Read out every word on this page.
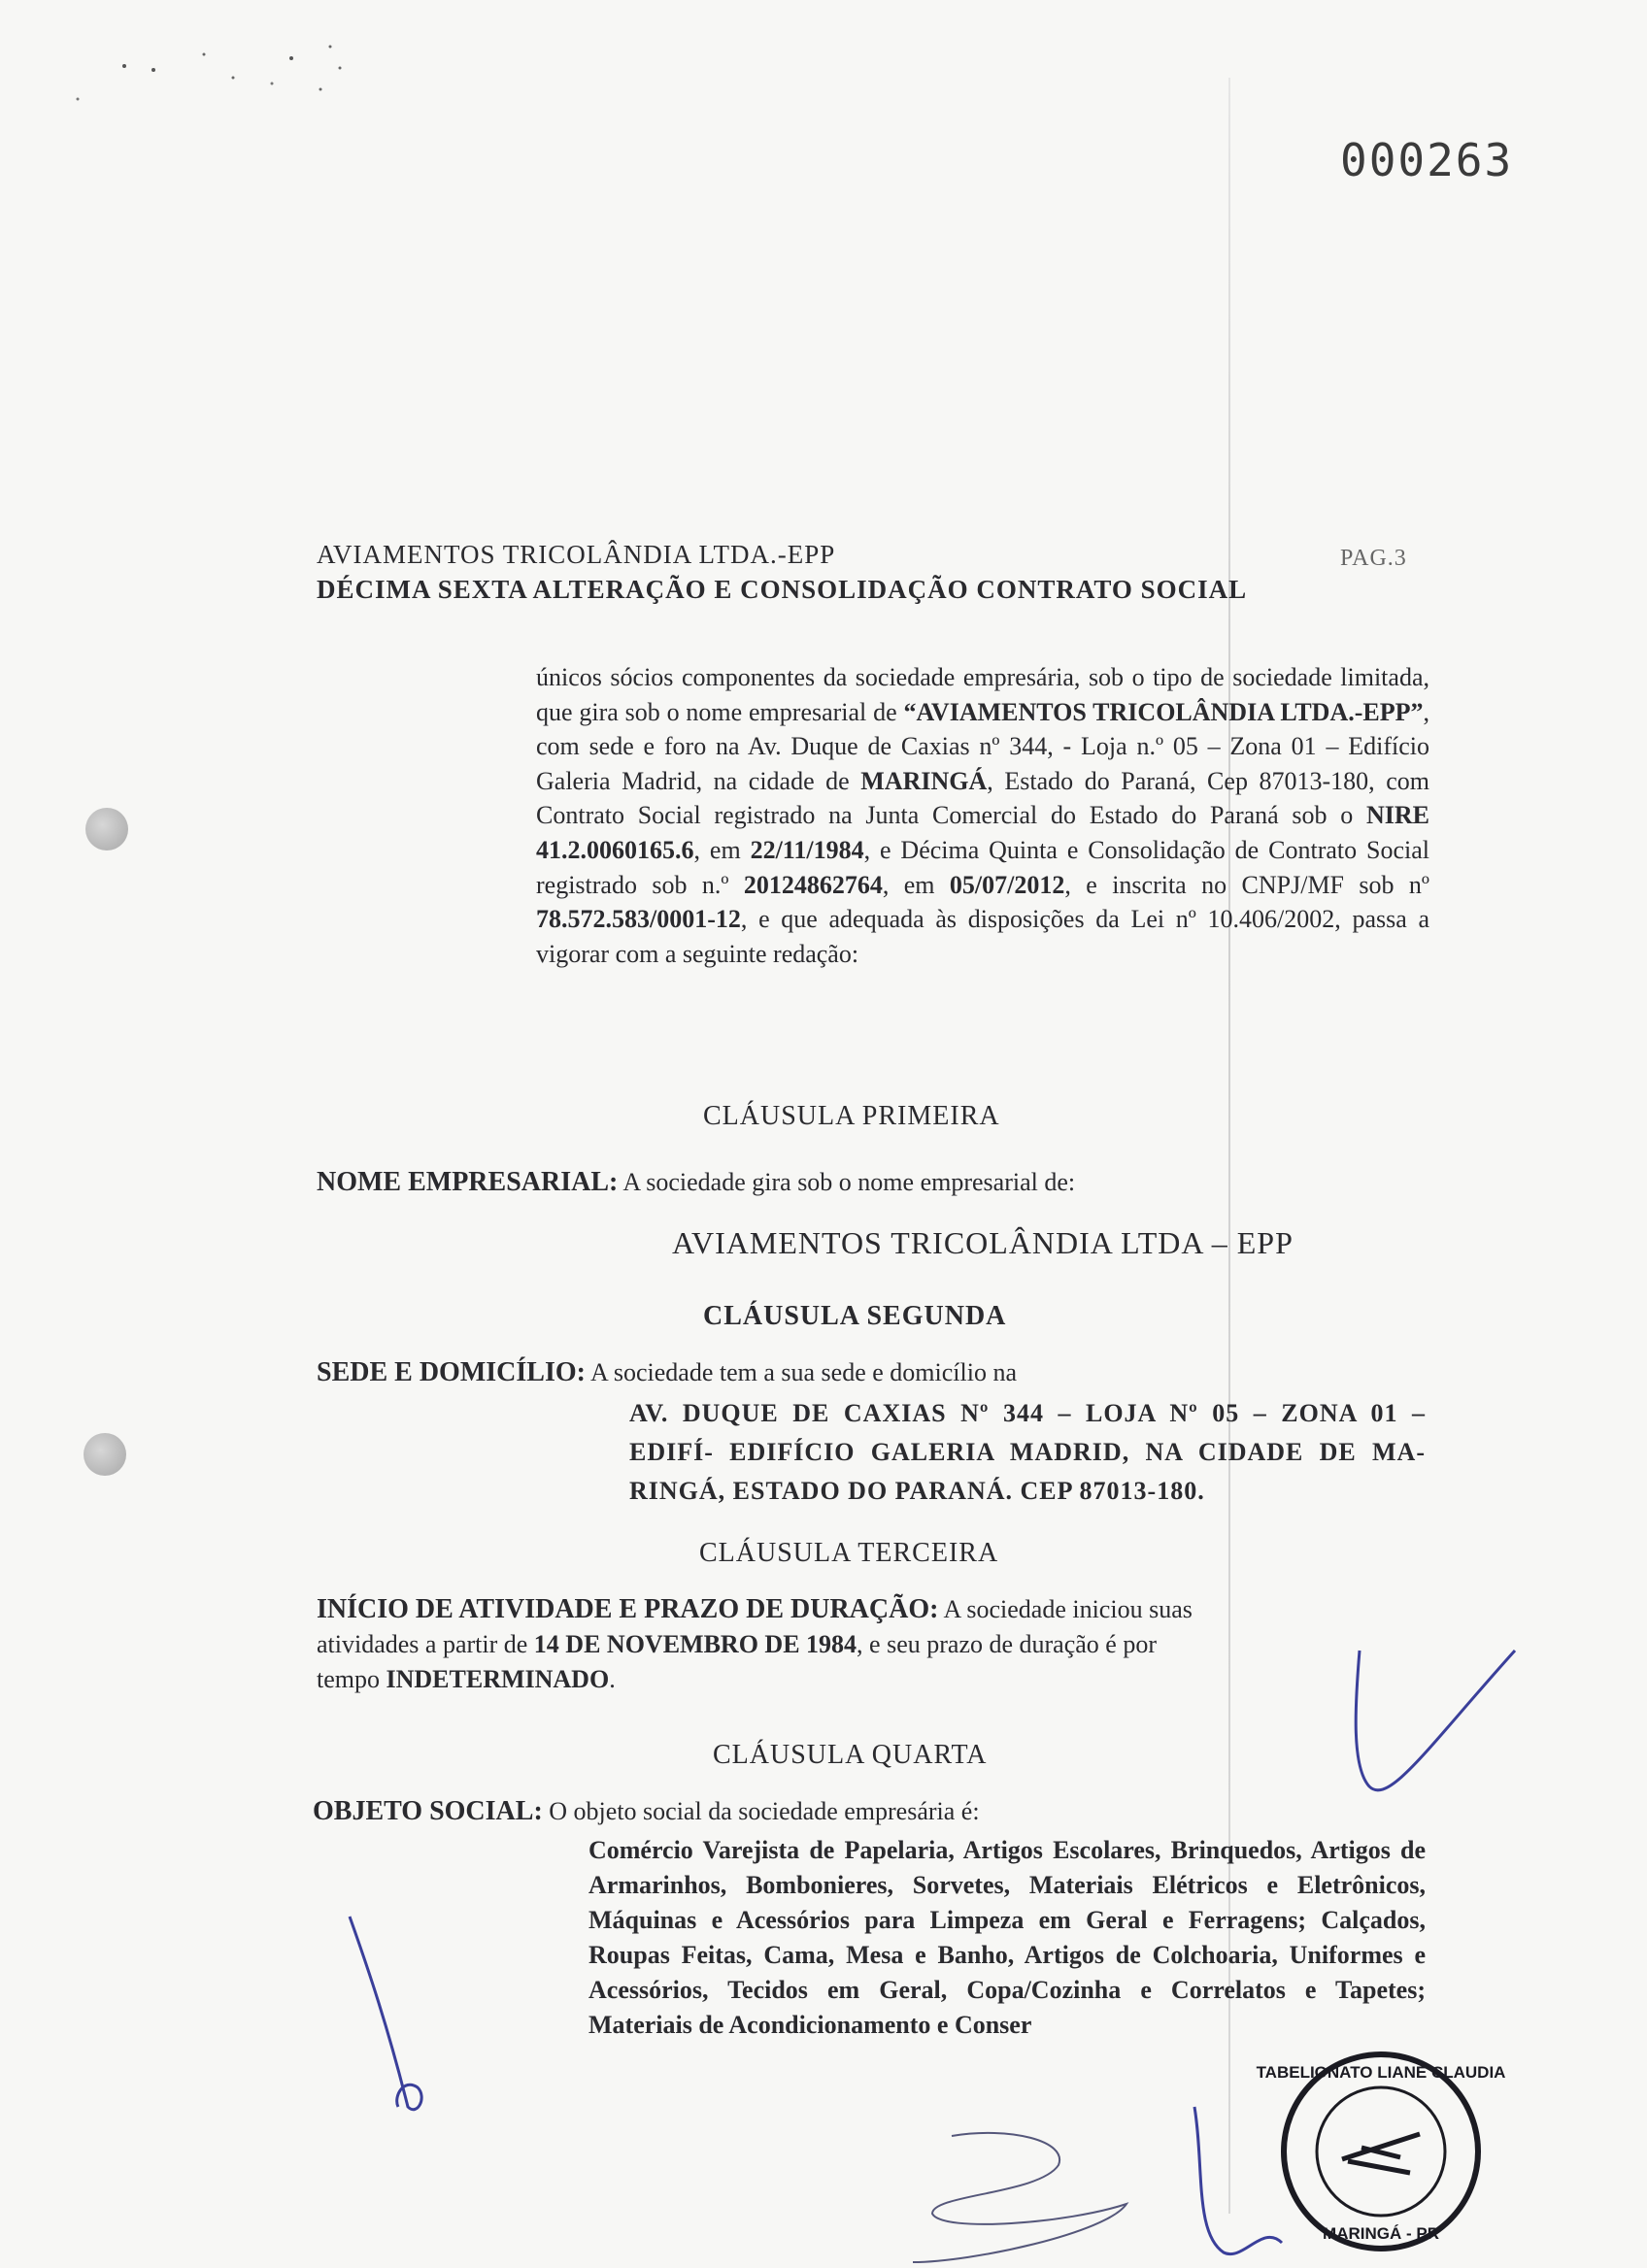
000263
AVIAMENTOS TRICOLÂNDIA LTDA.-EPP	PAG.3
DÉCIMA SEXTA ALTERAÇÃO E CONSOLIDAÇÃO CONTRATO SOCIAL

únicos sócios componentes da sociedade empresária, sob o tipo de sociedade limitada, que gira sob o nome empresarial de “AVIAMENTOS TRICOLÂNDIA LTDA.-EPP”, com sede e foro na Av. Duque de Caxias nº 344, - Loja n.º 05 – Zona 01 – Edifício Galeria Madrid, na cidade de MARINGÁ, Estado do Paraná, Cep 87013-180, com Contrato Social registrado na Junta Comercial do Estado do Paraná sob o NIRE 41.2.0060165.6, em 22/11/1984, e Décima Quinta e Consolidação de Contrato Social registrado sob n.º 20124862764, em 05/07/2012, e inscrita no CNPJ/MF sob nº 78.572.583/0001-12, e que adequada às disposições da Lei nº 10.406/2002, passa a vigorar com a seguinte redação:

CLÁUSULA PRIMEIRA
NOME EMPRESARIAL: A sociedade gira sob o nome empresarial de:
AVIAMENTOS TRICOLÂNDIA LTDA – EPP
CLÁUSULA SEGUNDA
SEDE E DOMICÍLIO: A sociedade tem a sua sede e domicílio na
AV. DUQUE DE CAXIAS Nº 344 – LOJA Nº 05 – ZONA 01 – EDIFÍ- EDIFÍCIO GALERIA MADRID, NA CIDADE DE MA- RINGÁ, ESTADO DO PARANÁ. CEP 87013-180.
CLÁUSULA TERCEIRA
INÍCIO DE ATIVIDADE E PRAZO DE DURAÇÃO: A sociedade iniciou suas
atividades a partir de 14 DE NOVEMBRO DE 1984, e seu prazo de duração é por
tempo INDETERMINADO.
CLÁUSULA QUARTA
OBJETO SOCIAL: O objeto social da sociedade empresária é:
Comércio Varejista de Papelaria, Artigos Escolares, Brinquedos, Artigos de Armarinhos, Bombonieres, Sorvetes, Materiais Elétricos e Eletrônicos, Máquinas e Acessórios para Limpeza em Geral e Ferragens; Calçados, Roupas Feitas, Cama, Mesa e Banho, Artigos de Colchoaria, Uniformes e Acessórios, Tecidos em Geral, Copa/Cozinha e Correlatos e Tapetes; Materiais de Acondicionamento e Conser
TABELIONATO LIANE CLAUDIA
MARINGÁ - PR
